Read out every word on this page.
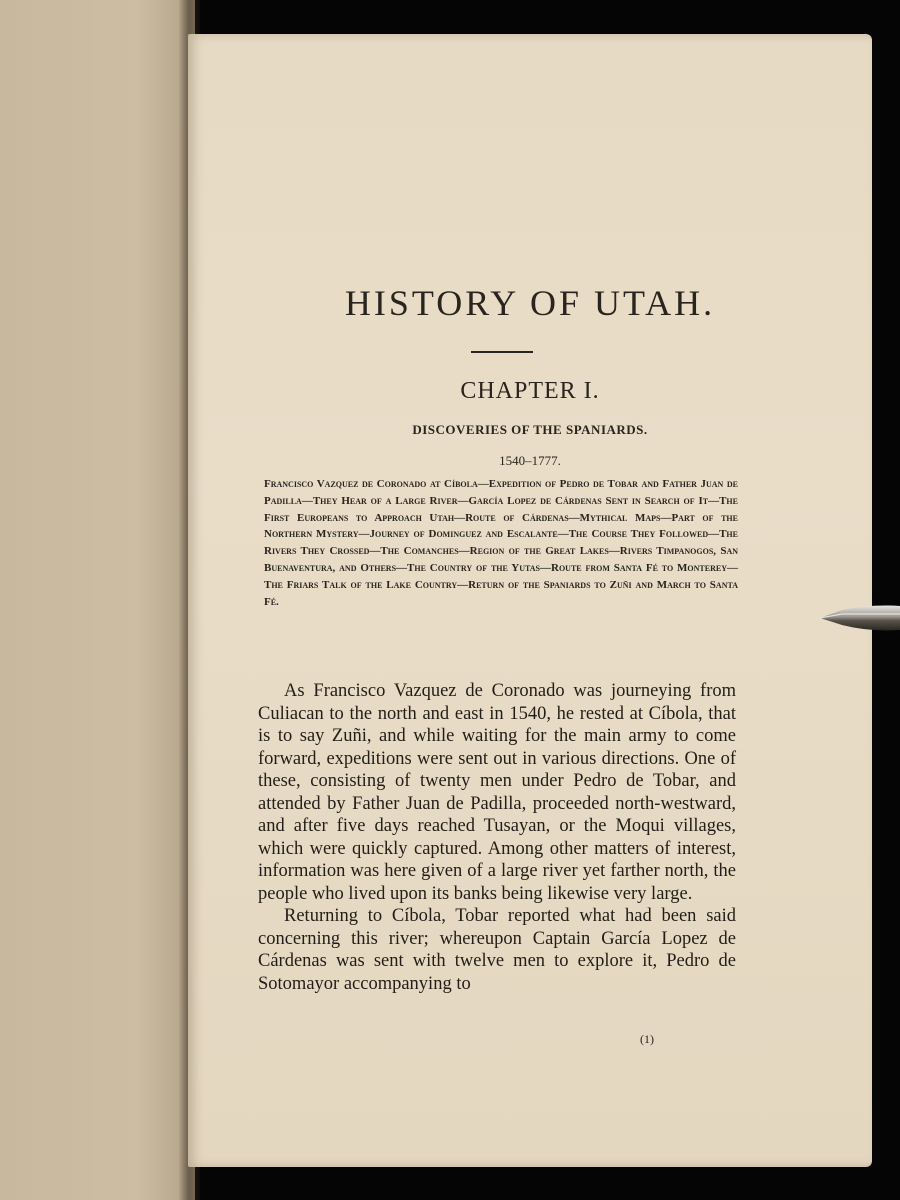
HISTORY OF UTAH.
CHAPTER I.
DISCOVERIES OF THE SPANIARDS.
1540–1777.

Francisco Vazquez de Coronado at Cíbola—Expedition of Pedro de Tobar and Father Juan de Padilla—They Hear of a Large River—García Lopez de Cárdenas Sent in Search of It—The First Europeans to Approach Utah—Route of Cárdenas—Mythical Maps—Part of the Northern Mystery—Journey of Dominguez and Escalante—The Course They Followed—The Rivers They Crossed—The Comanches—Region of the Great Lakes—Rivers Timpanogos, San Buenaventura, and Others—The Country of the Yutas—Route from Santa Fé to Monterey—The Friars Talk of the Lake Country—Return of the Spaniards to Zuñi and March to Santa Fé.

As Francisco Vazquez de Coronado was journeying from Culiacan to the north and east in 1540, he rested at Cíbola, that is to say Zuñi, and while waiting for the main army to come forward, expeditions were sent out in various directions. One of these, consisting of twenty men under Pedro de Tobar, and attended by Father Juan de Padilla, proceeded north-westward, and after five days reached Tusayan, or the Moqui villages, which were quickly captured. Among other matters of interest, information was here given of a large river yet farther north, the people who lived upon its banks being likewise very large.

Returning to Cíbola, Tobar reported what had been said concerning this river; whereupon Captain García Lopez de Cárdenas was sent with twelve men to explore it, Pedro de Sotomayor accompanying to

(1)
